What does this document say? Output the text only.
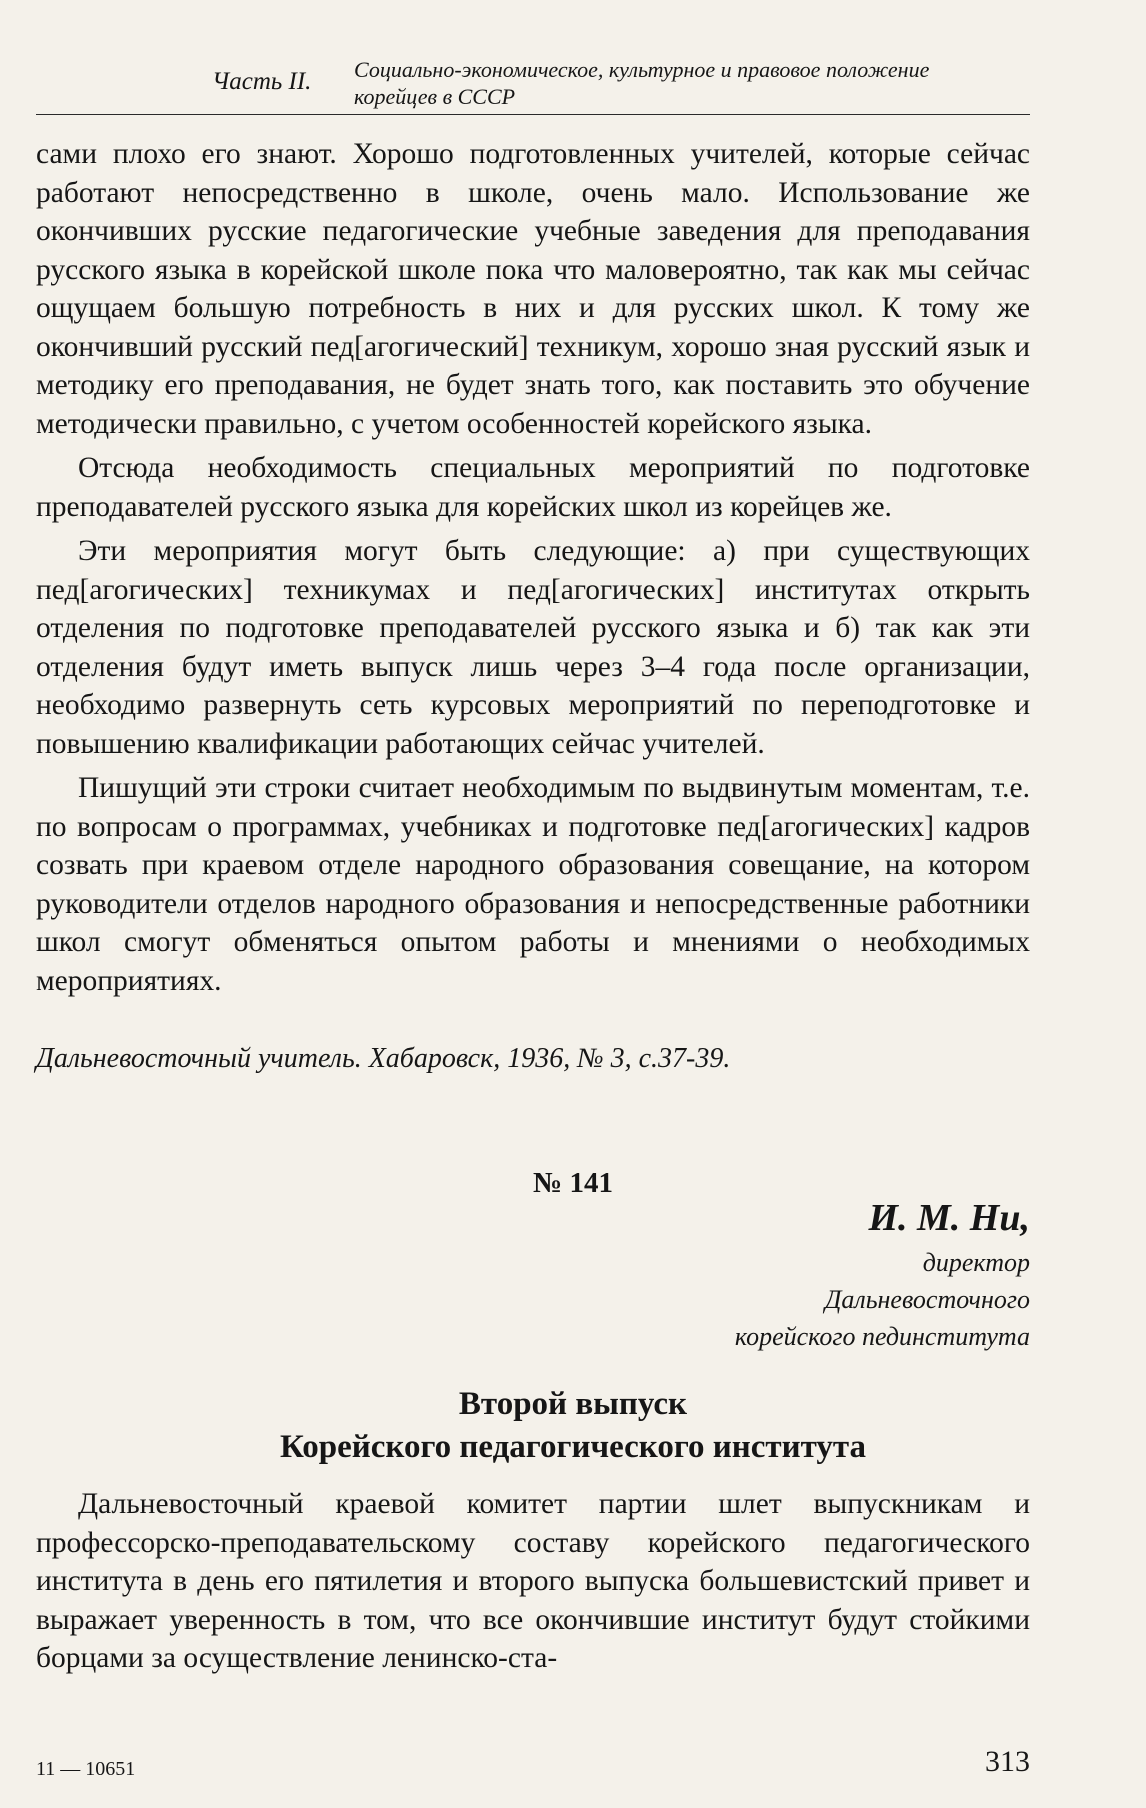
Часть II. Социально-экономическое, культурное и правовое положение
корейцев в СССР

сами плохо его знают. Хорошо подготовленных учителей, которые сейчас работают непосредственно в школе, очень мало. Использование же окончивших русские педагогические учебные заведения для преподавания русского языка в корейской школе пока что маловероятно, так как мы сейчас ощущаем большую потребность в них и для русских школ. К тому же окончивший русский пед[агогический] техникум, хорошо зная русский язык и методику его преподавания, не будет знать того, как поставить это обучение методически правильно, с учетом особенностей корейского языка.

Отсюда необходимость специальных мероприятий по подготовке преподавателей русского языка для корейских школ из корейцев же.

Эти мероприятия могут быть следующие: а) при существующих пед[агогических] техникумах и пед[агогических] институтах открыть отделения по подготовке преподавателей русского языка и б) так как эти отделения будут иметь выпуск лишь через 3–4 года после организации, необходимо развернуть сеть курсовых мероприятий по переподготовке и повышению квалификации работающих сейчас учителей.

Пишущий эти строки считает необходимым по выдвинутым моментам, т.е. по вопросам о программах, учебниках и подготовке пед[агогических] кадров созвать при краевом отделе народного образования совещание, на котором руководители отделов народного образования и непосредственные работники школ смогут обменяться опытом работы и мнениями о необходимых мероприятиях.

Дальневосточный учитель. Хабаровск, 1936, № 3, с.37-39.
№ 141
И. М. Ни,
директор
Дальневосточного
корейского пединститута
Второй выпуск
Корейского педагогического института

Дальневосточный краевой комитет партии шлет выпускникам и профессорско-преподавательскому составу корейского педагогического института в день его пятилетия и второго выпуска большевистский привет и выражает уверенность в том, что все окончившие институт будут стойкими борцами за осуществление ленинско-ста-

11 — 10651	313
